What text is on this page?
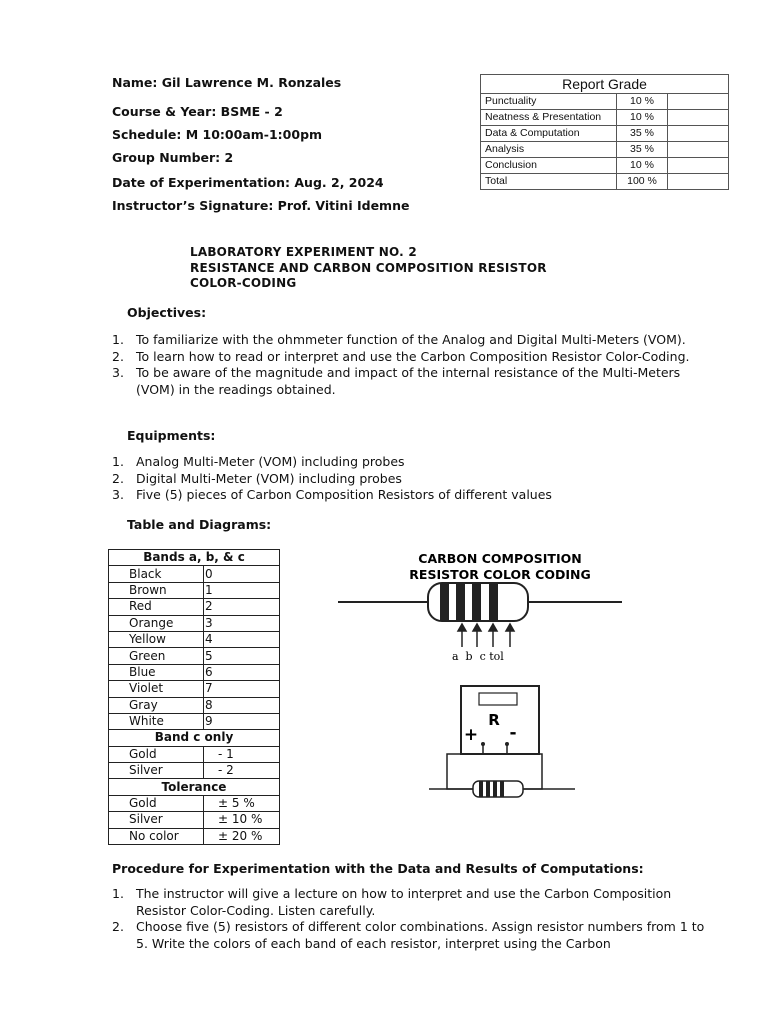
Name: Gil Lawrence M. Ronzales
Course & Year: BSME - 2
Schedule: M 10:00am-1:00pm
Group Number: 2
Date of Experimentation: Aug. 2, 2024
Instructor’s Signature: Prof. Vitini Idemne
Report Grade		
Punctuality	10 %	
Neatness & Presentation	10 %	
Data & Computation	35 %	
Analysis	35 %	
Conclusion	10 %	
Total	100 %	
LABORATORY EXPERIMENT NO. 2
RESISTANCE AND CARBON COMPOSITION RESISTOR
COLOR-CODING
Objectives:
1. To familiarize with the ohmmeter function of the Analog and Digital Multi-Meters (VOM).
2. To learn how to read or interpret and use the Carbon Composition Resistor Color-Coding.
3. To be aware of the magnitude and impact of the internal resistance of the Multi-Meters (VOM) in the readings obtained.
Equipments:
1. Analog Multi-Meter (VOM) including probes
2. Digital Multi-Meter (VOM) including probes
3. Five (5) pieces of Carbon Composition Resistors of different values
Table and Diagrams:
Bands a, b, & c	
Black	0
Brown	1
Red	2
Orange	3
Yellow	4
Green	5
Blue	6
Violet	7
Gray	8
White	9
Band c only	
Gold	- 1
Silver	- 2
Tolerance	
Gold	± 5 %
Silver	± 10 %
No color	± 20 %
CARBON COMPOSITION
RESISTOR COLOR CODING
a  b  c tol
R
+ -
Procedure for Experimentation with the Data and Results of Computations:
1. The instructor will give a lecture on how to interpret and use the Carbon Composition Resistor Color-Coding. Listen carefully.
2. Choose five (5) resistors of different color combinations. Assign resistor numbers from 1 to 5. Write the colors of each band of each resistor, interpret using the Carbon
